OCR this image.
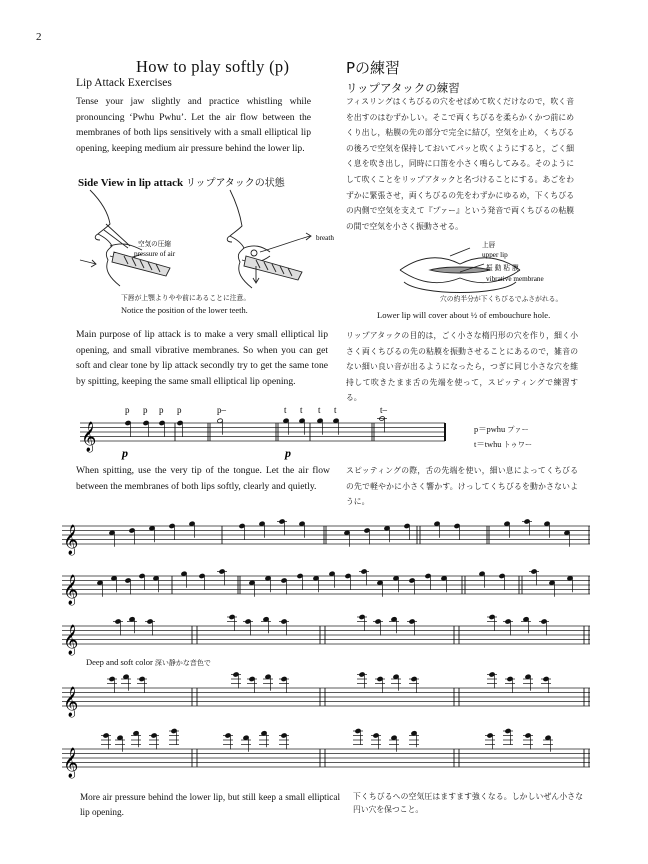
2
How to play softly (p)	Pの練習
Lip Attack Exercises	リップアタックの練習
Tense your jaw slightly and practice whistling while pronouncing ‘Pwhu Pwhu’. Let the air flow between the membranes of both lips sensitively with a small elliptical lip opening, keeping medium air pressure behind the lower lip.
フィスリングはくちびるの穴をせばめて吹くだけなので，吹く音を出すのはむずかしい。そこで両くちびるを柔らかくかつ前にめくり出し，粘膜の先の部分で完全に結び，空気を止め，くちびるの後ろで空気を保持しておいてパッと吹くようにすると，ごく細く息を吹き出し，同時に口笛を小さく鳴らしてみる。そのようにして吹くことをリップアタックと名づけることにする。あごをわずかに緊張させ，両くちびるの先をわずかにゆるめ，下くちびるの内側で空気を支えて『プァー』という発音で両くちびるの粘膜の間で空気を小さく振動させる。
Side View in lip attack リップアタックの状態
空気の圧縮
pressure of air
breath
下唇が上顎よりやや前にあることに注意。
Notice the position of the lower teeth.
上唇
upper lip
振 動 粘 膜
vibrative membrane
穴の約半分が下くちびるでふさがれる。
Lower lip will cover about ½ of embouchure hole.
Main purpose of lip attack is to make a very small elliptical lip opening, and small vibrative membranes. So when you can get soft and clear tone by lip attack secondly try to get the same tone by spitting, keeping the same small elliptical lip opening.
リップアタックの目的は，ごく小さな楕円形の穴を作り，細く小さく両くちびるの先の粘膜を振動させることにあるので，雑音のない細い良い音が出るようになったら，つぎに同じ小さな穴を維持して吹きたまま舌の先端を使って，スピッティングで練習する。
𝄞
p p p p	p–	t t t t	t–
p	p
p＝pwhu プァー
t＝twhu トゥワー
When spitting, use the very tip of the tongue. Let the air flow between the membranes of both lips softly, clearly and quietly.
スピッティングの際，舌の先端を使い，細い息によってくちびるの先で軽やかに小さく響かす。けっしてくちびるを動かさないように。
𝄞
𝄞
𝄞
Deep and soft color 深い静かな音色で
𝄞
𝄞
More air pressure behind the lower lip, but still keep a small elliptical lip opening.
下くちびるへの空気圧はますます強くなる。しかしいぜん小さな円い穴を保つこと。
